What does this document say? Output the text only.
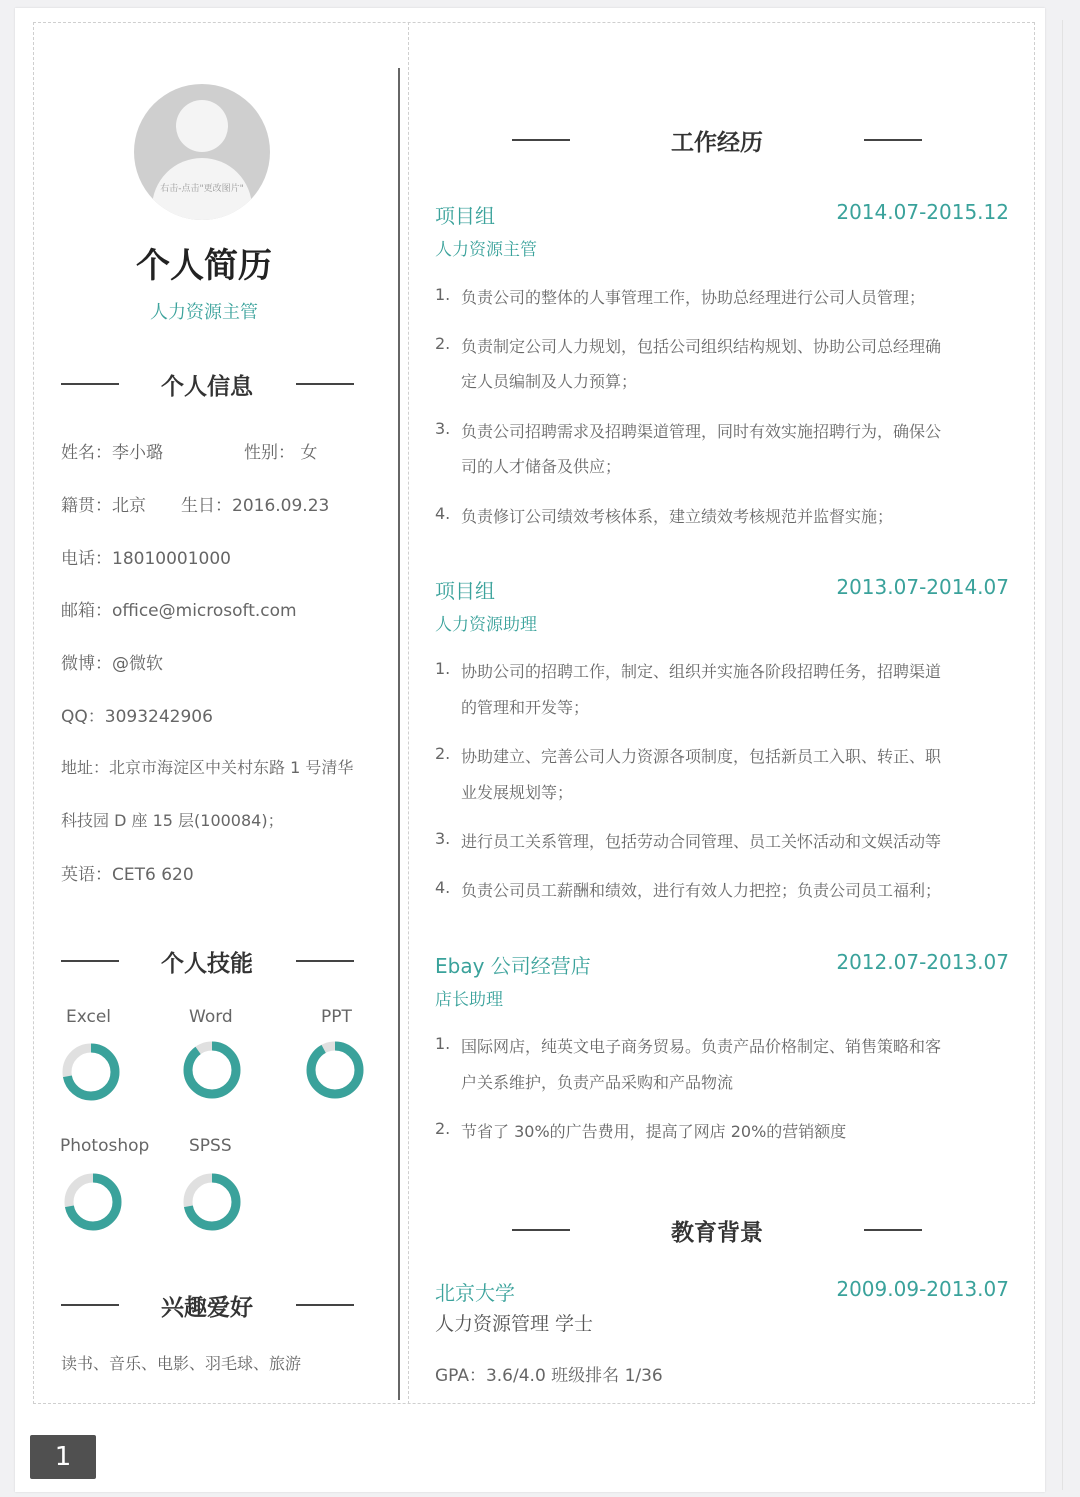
右击-点击"更改图片"
个人简历
人力资源主管
个人信息
姓名：李小璐	性别： 女
籍贯：北京 生日：2016.09.23
电话：18010001000
邮箱：office@microsoft.com
微博：@微软
QQ：3093242906
地址：北京市海淀区中关村东路 1 号清华
科技园 D 座 15 层(100084)；
英语：CET6 620
个人技能
Excel	Word	PPT
Photoshop SPSS
兴趣爱好
读书、音乐、电影、羽毛球、旅游
工作经历
项目组	2014.07-2015.12
人力资源主管
1. 负责公司的整体的人事管理工作，协助总经理进行公司人员管理；
2. 负责制定公司人力规划，包括公司组织结构规划、协助公司总经理确
定人员编制及人力预算；
3. 负责公司招聘需求及招聘渠道管理，同时有效实施招聘行为，确保公
司的人才储备及供应；
4. 负责修订公司绩效考核体系，建立绩效考核规范并监督实施；
项目组	2013.07-2014.07
人力资源助理
1. 协助公司的招聘工作，制定、组织并实施各阶段招聘任务，招聘渠道
的管理和开发等；
2. 协助建立、完善公司人力资源各项制度，包括新员工入职、转正、职
业发展规划等；
3. 进行员工关系管理，包括劳动合同管理、员工关怀活动和文娱活动等
4. 负责公司员工薪酬和绩效，进行有效人力把控；负责公司员工福利；
Ebay 公司经营店	2012.07-2013.07
店长助理
1. 国际网店，纯英文电子商务贸易。负责产品价格制定、销售策略和客
户关系维护，负责产品采购和产品物流
2. 节省了 30%的广告费用，提高了网店 20%的营销额度
教育背景
北京大学	2009.09-2013.07
人力资源管理 学士
GPA：3.6/4.0 班级排名 1/36
1
